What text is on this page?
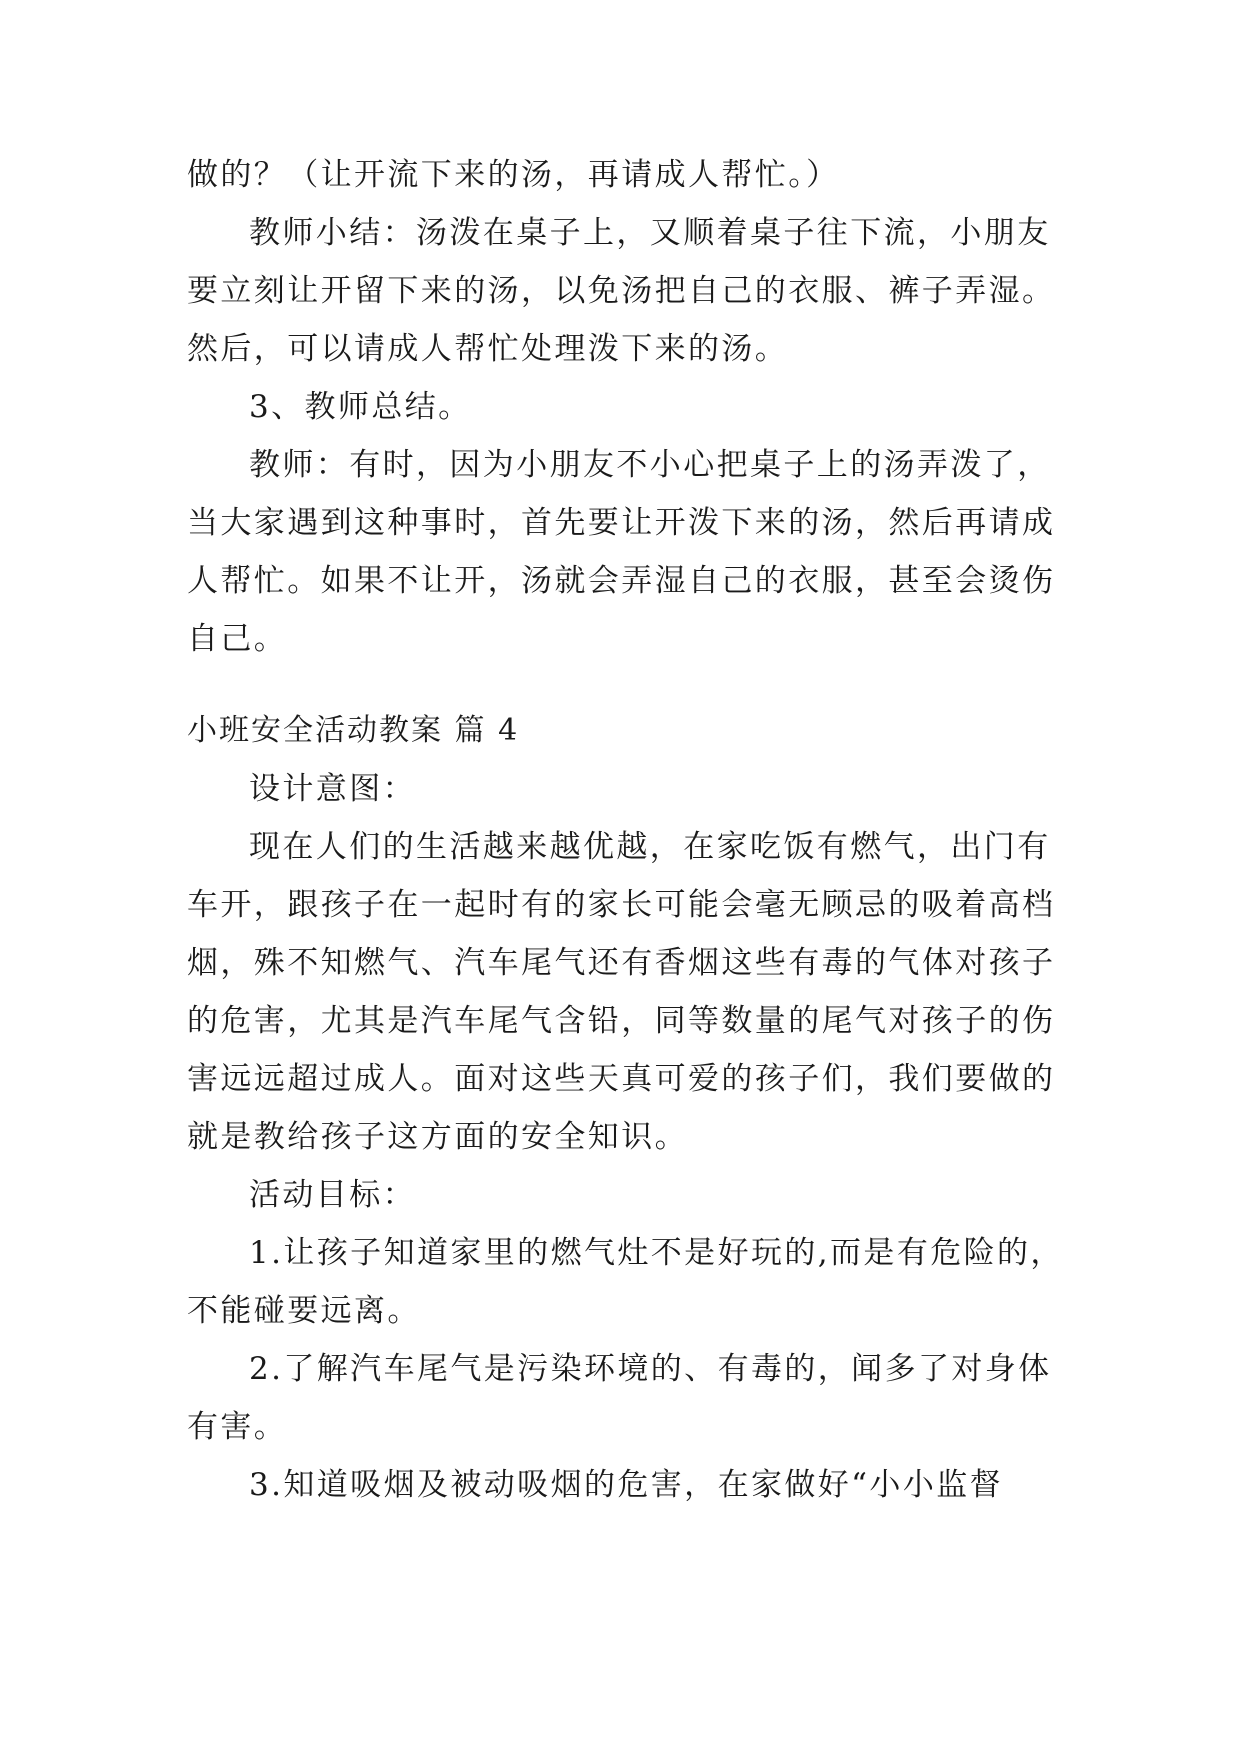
做的？（让开流下来的汤，再请成人帮忙。）

教师小结：汤泼在桌子上，又顺着桌子往下流，小朋友

要立刻让开留下来的汤，以免汤把自己的衣服、裤子弄湿。

然后，可以请成人帮忙处理泼下来的汤。

3、教师总结。

教师：有时，因为小朋友不小心把桌子上的汤弄泼了，

当大家遇到这种事时，首先要让开泼下来的汤，然后再请成

人帮忙。如果不让开，汤就会弄湿自己的衣服，甚至会烫伤

自己。

小班安全活动教案 篇 4

设计意图：

现在人们的生活越来越优越，在家吃饭有燃气，出门有

车开，跟孩子在一起时有的家长可能会毫无顾忌的吸着高档

烟，殊不知燃气、汽车尾气还有香烟这些有毒的气体对孩子

的危害，尤其是汽车尾气含铅，同等数量的尾气对孩子的伤

害远远超过成人。面对这些天真可爱的孩子们，我们要做的

就是教给孩子这方面的安全知识。

活动目标：

1.让孩子知道家里的燃气灶不是好玩的,而是有危险的，

不能碰要远离。

2.了解汽车尾气是污染环境的、有毒的，闻多了对身体

有害。

3.知道吸烟及被动吸烟的危害，在家做好“小小监督
